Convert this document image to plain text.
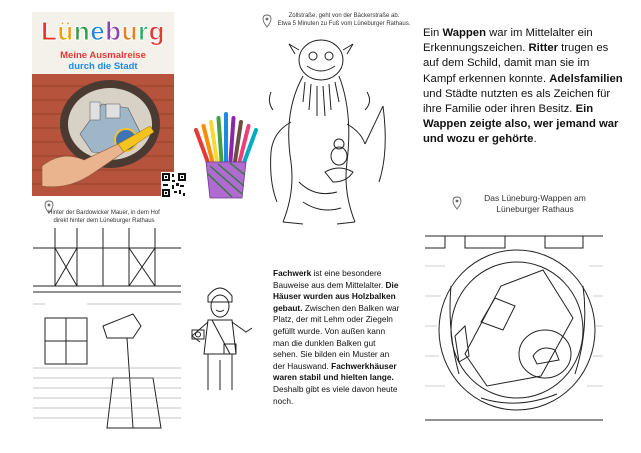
Lüneburg
Meine Ausmalreise
durch die Stadt
Zollstraße, geht von der Bäckerstraße ab.
Etwa 5 Minuten zu Fuß vom Lüneburger Rathaus.
Ein Wappen war im Mittelalter ein Erkennungszeichen. Ritter trugen es auf dem Schild, damit man sie im Kampf erkennen konnte. Adelsfamilien und Städte nutzten es als Zeichen für ihre Familie oder ihren Besitz. Ein Wappen zeigte also, wer jemand war und wozu er gehörte.
Das Lüneburg-Wappen am
Lüneburger Rathaus
Hinter der Bardowicker Mauer, in dem Hof
direkt hinter dem Lüneburger Rathaus
Fachwerk ist eine besondere Bauweise aus dem Mittelalter. Die Häuser wurden aus Holzbalken gebaut. Zwischen den Balken war Platz, der mit Lehm oder Ziegeln gefüllt wurde. Von außen kann man die dunklen Balken gut sehen. Sie bilden ein Muster an der Hauswand. Fachwerkhäuser waren stabil und hielten lange. Deshalb gibt es viele davon heute noch.
